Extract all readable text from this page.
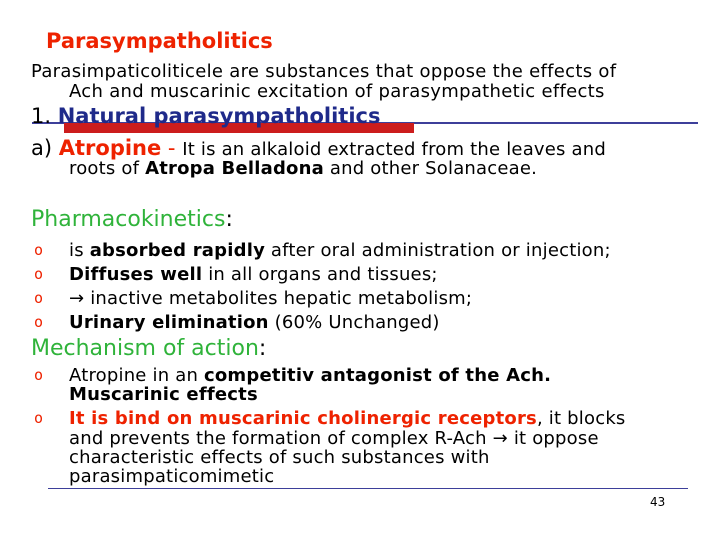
Parasympatholitics
Parasimpaticoliticele are substances that oppose the effects of
Ach and muscarinic excitation of parasympathetic effects
1. Natural parasympatholitics
a) Atropine - It is an alkaloid extracted from the leaves and
roots of Atropa Belladona and other Solanaceae.
Pharmacokinetics:
o is absorbed rapidly after oral administration or injection;
o Diffuses well in all organs and tissues;
o → inactive metabolites hepatic metabolism;
o Urinary elimination (60% Unchanged)
Mechanism of action:
o Atropine in an competitiv antagonist of the Ach.
Muscarinic effects
o It is bind on muscarinic cholinergic receptors, it blocks
and prevents the formation of complex R-Ach → it oppose
characteristic effects of such substances with
parasimpaticomimetic
43
